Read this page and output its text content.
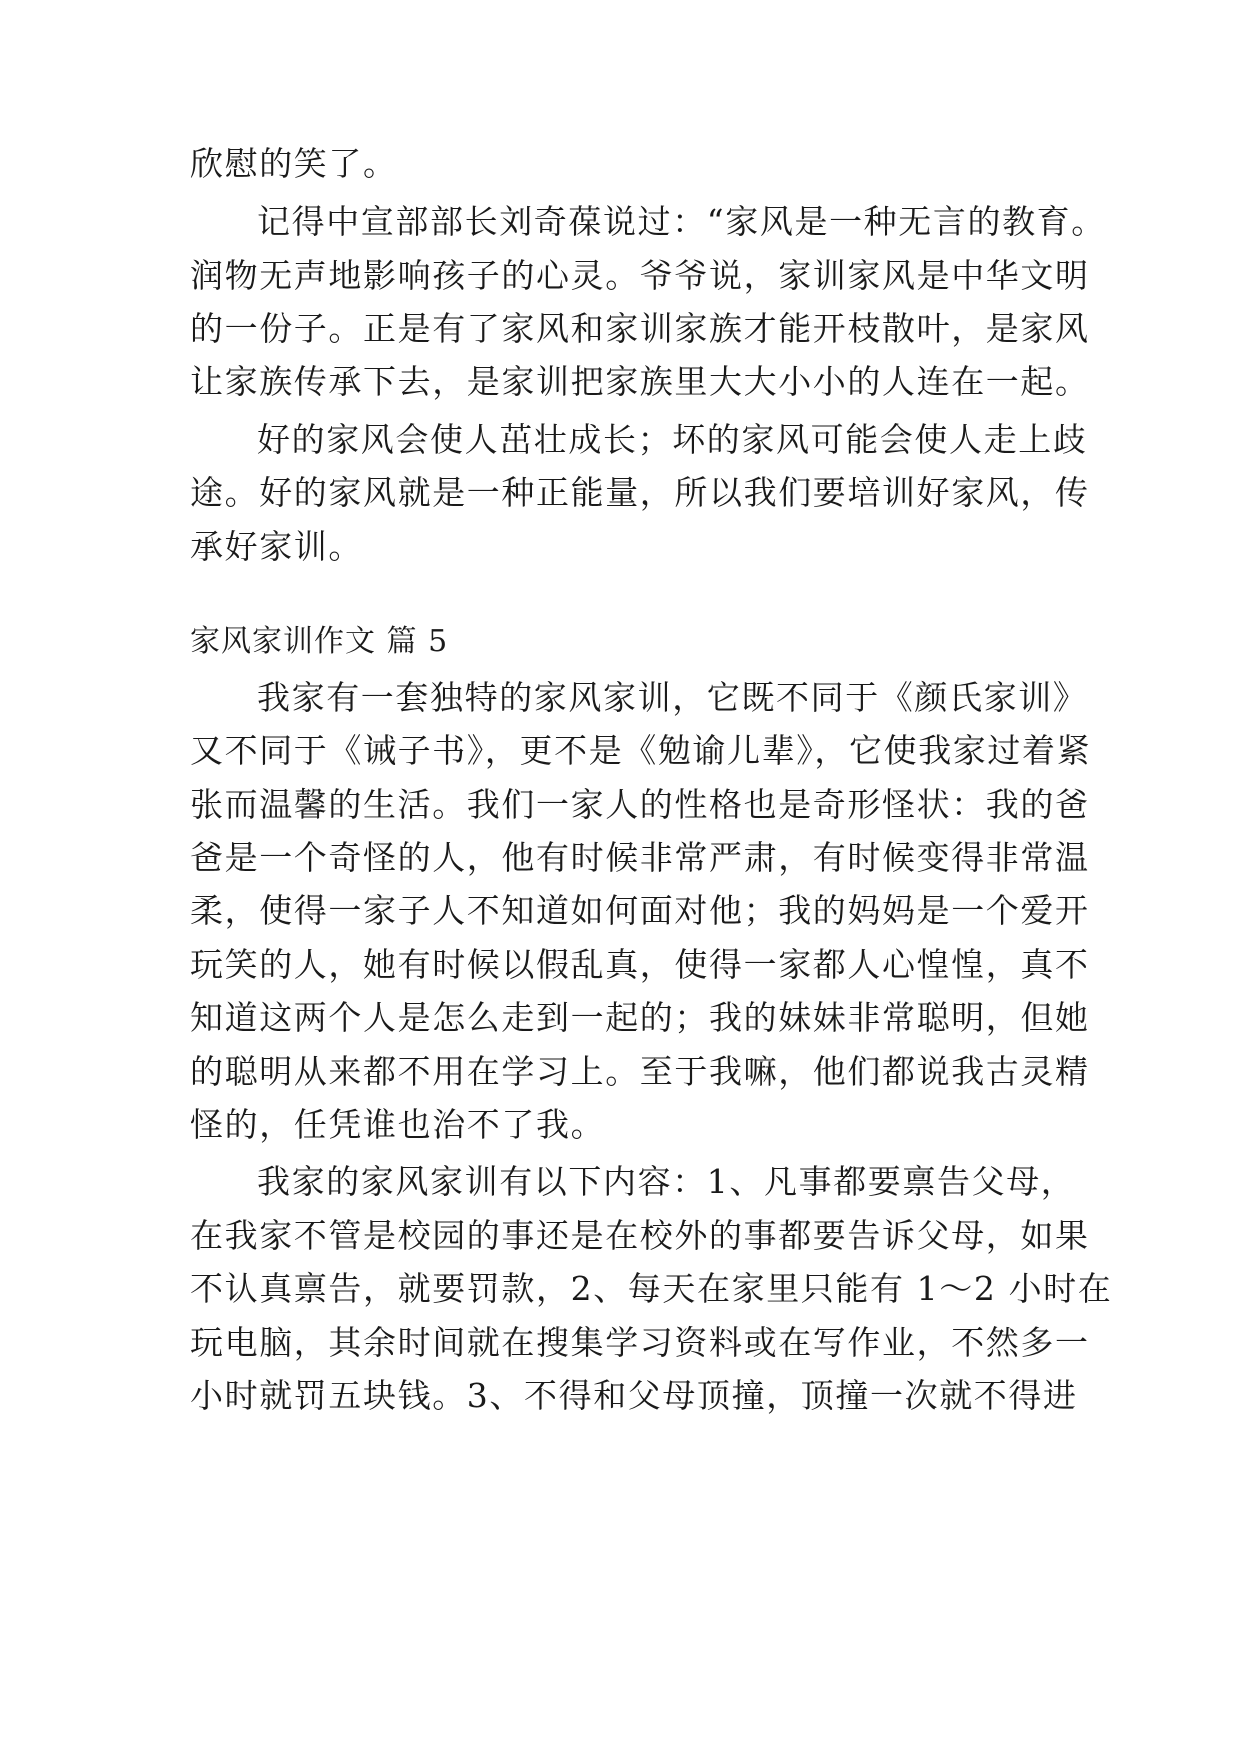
欣慰的笑了。
记得中宣部部长刘奇葆说过：“家风是一种无言的教育。
润物无声地影响孩子的心灵。爷爷说，家训家风是中华文明
的一份子。正是有了家风和家训家族才能开枝散叶，是家风
让家族传承下去，是家训把家族里大大小小的人连在一起。
好的家风会使人茁壮成长；坏的家风可能会使人走上歧
途。好的家风就是一种正能量，所以我们要培训好家风，传
承好家训。
家风家训作文 篇 5
我家有一套独特的家风家训，它既不同于《颜氏家训》
又不同于《诫子书》，更不是《勉谕儿辈》，它使我家过着紧
张而温馨的生活。我们一家人的性格也是奇形怪状：我的爸
爸是一个奇怪的人，他有时候非常严肃，有时候变得非常温
柔，使得一家子人不知道如何面对他；我的妈妈是一个爱开
玩笑的人，她有时候以假乱真，使得一家都人心惶惶，真不
知道这两个人是怎么走到一起的；我的妹妹非常聪明，但她
的聪明从来都不用在学习上。至于我嘛，他们都说我古灵精
怪的，任凭谁也治不了我。
我家的家风家训有以下内容：1、凡事都要禀告父母，
在我家不管是校园的事还是在校外的事都要告诉父母，如果
不认真禀告，就要罚款，2、每天在家里只能有 1～2 小时在
玩电脑，其余时间就在搜集学习资料或在写作业，不然多一
小时就罚五块钱。3、不得和父母顶撞，顶撞一次就不得进
